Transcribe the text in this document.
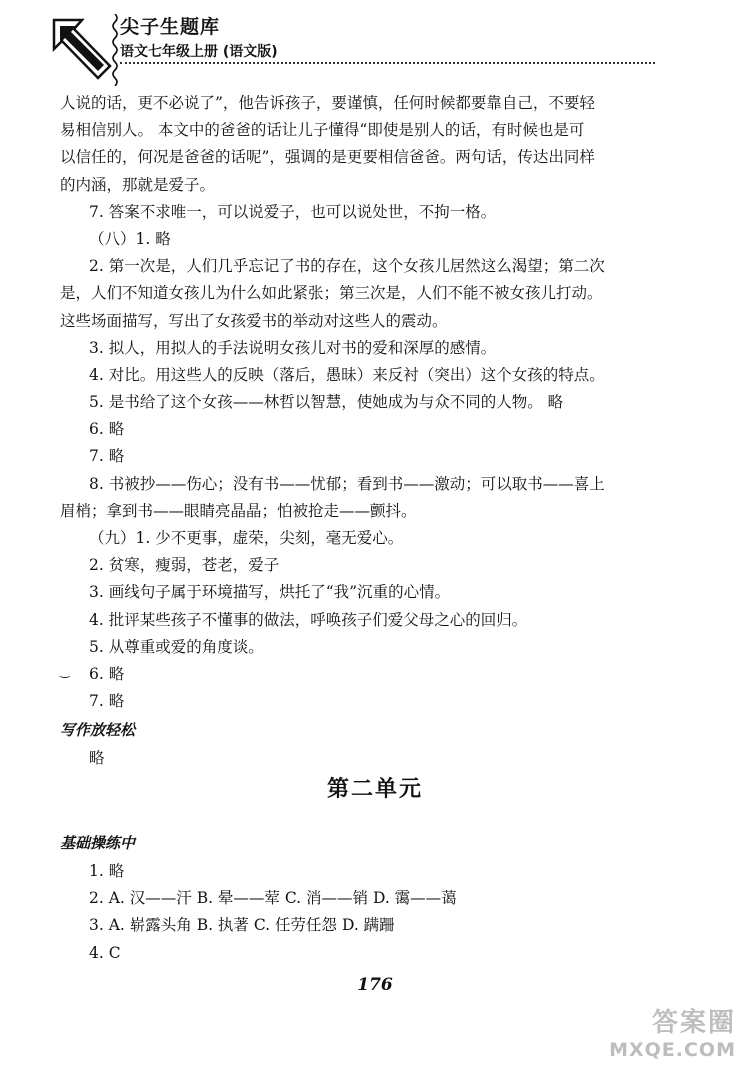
尖子生题库
语文七年级上册 (语文版)
人说的话，更不必说了”，他告诉孩子，要谨慎，任何时候都要靠自己，不要轻
易相信别人。 本文中的爸爸的话让儿子懂得“即使是别人的话，有时候也是可
以信任的，何况是爸爸的话呢”，强调的是更要相信爸爸。两句话，传达出同样
的内涵，那就是爱子。
7. 答案不求唯一，可以说爱子，也可以说处世，不拘一格。
（八）1. 略
2. 第一次是，人们几乎忘记了书的存在，这个女孩儿居然这么渴望；第二次
是，人们不知道女孩儿为什么如此紧张；第三次是，人们不能不被女孩儿打动。
这些场面描写，写出了女孩爱书的举动对这些人的震动。
3. 拟人，用拟人的手法说明女孩儿对书的爱和深厚的感情。
4. 对比。用这些人的反映（落后，愚昧）来反衬（突出）这个女孩的特点。
5. 是书给了这个女孩——林哲以智慧，使她成为与众不同的人物。 略
6. 略
7. 略
8. 书被抄——伤心；没有书——忧郁；看到书——激动；可以取书——喜上
眉梢；拿到书——眼睛亮晶晶；怕被抢走——颤抖。
（九）1. 少不更事，虚荣，尖刻，毫无爱心。
2. 贫寒，瘦弱，苍老，爱子
3. 画线句子属于环境描写，烘托了“我”沉重的心情。
4. 批评某些孩子不懂事的做法，呼唤孩子们爱父母之心的回归。
5. 从尊重或爱的角度谈。
6. 略
7. 略
写作放轻松
略
‿
第二单元
基础操练中
1. 略
2. A. 汉——汗 B. 晕——荤 C. 消——销 D. 霭——蔼
3. A. 崭露头角 B. 执著 C. 任劳任怨 D. 蹒跚
4. C
176
答案圈
MXQE.COM
